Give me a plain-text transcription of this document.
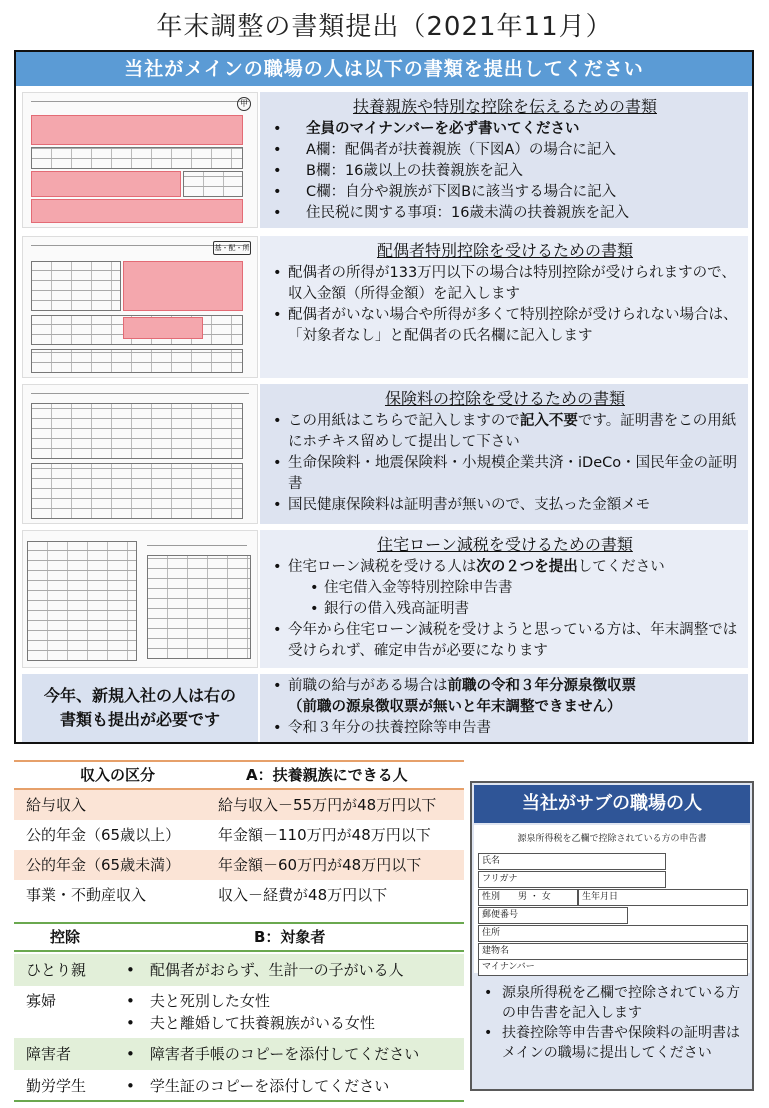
年末調整の書類提出（2021年11月）
当社がメインの職場の人は以下の書類を提出してください
甲	扶養親族や特別な控除を伝えるための書類
• 全員のマイナンバーを必ず書いてください
• A欄：配偶者が扶養親族（下図A）の場合に記入
• B欄：16歳以上の扶養親族を記入
• C欄：自分や親族が下図Bに該当する場合に記入
• 住民税に関する事項：16歳未満の扶養親族を記入
基・配・所	配偶者特別控除を受けるための書類
• 配偶者の所得が133万円以下の場合は特別控除が受けられますので、収入金額（所得金額）を記入します
• 配偶者がいない場合や所得が多くて特別控除が受けられない場合は、「対象者なし」と配偶者の氏名欄に記入します
保険料の控除を受けるための書類
• この用紙はこちらで記入しますので記入不要です。証明書をこの用紙にホチキス留めして提出して下さい
• 生命保険料・地震保険料・小規模企業共済・iDeCo・国民年金の証明書
• 国民健康保険料は証明書が無いので、支払った金額メモ
住宅ローン減税を受けるための書類
• 住宅ローン減税を受ける人は次の２つを提出してください
• 住宅借入金等特別控除申告書
• 銀行の借入残高証明書
• 今年から住宅ローン減税を受けようと思っている方は、年末調整では受けられず、確定申告が必要になります
今年、新規入社の人は右の書類も提出が必要です
• 前職の給与がある場合は前職の令和３年分源泉徴収票
（前職の源泉徴収票が無いと年末調整できません）
• 令和３年分の扶養控除等申告書
収入の区分	A：扶養親族にできる人
給与収入	給与収入－55万円が48万円以下
公的年金（65歳以上）	年金額－110万円が48万円以下
公的年金（65歳未満）	年金額－60万円が48万円以下
事業・不動産収入	収入－経費が48万円以下
控除	B：対象者
ひとり親	•　配偶者がおらず、生計一の子がいる人
寡婦	•　夫と死別した女性
•　夫と離婚して扶養親族がいる女性
障害者	•　障害者手帳のコピーを添付してください
勤労学生	•　学生証のコピーを添付してください
当社がサブの職場の人
源泉所得税を乙欄で控除されている方の申告書
氏名
フリガナ
性別　　男 ・ 女	生年月日
郵便番号
住所
建物名
マイナンバー
• 源泉所得税を乙欄で控除されている方の申告書を記入します
• 扶養控除等申告書や保険料の証明書はメインの職場に提出してください
